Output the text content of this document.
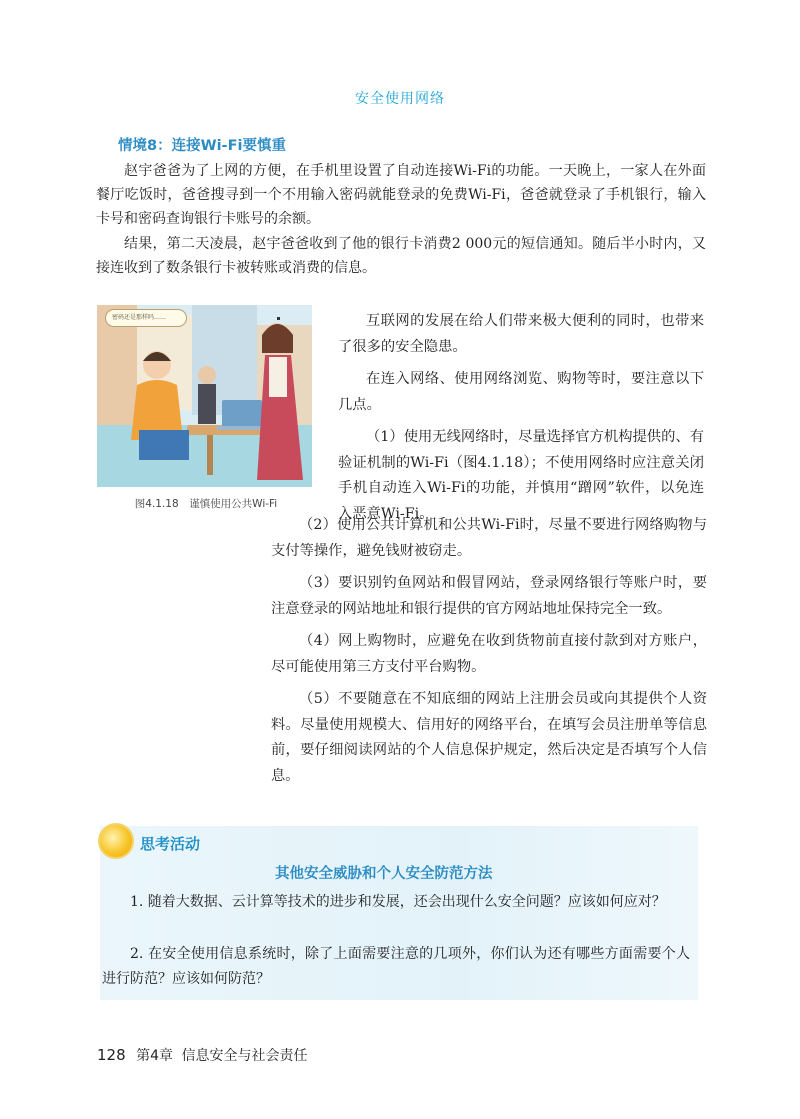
安全使用网络
情境8：连接Wi-Fi要慎重

赵宇爸爸为了上网的方便，在手机里设置了自动连接Wi-Fi的功能。一天晚上，一家人在外面餐厅吃饭时，爸爸搜寻到一个不用输入密码就能登录的免费Wi-Fi，爸爸就登录了手机银行，输入卡号和密码查询银行卡账号的余额。

结果，第二天凌晨，赵宇爸爸收到了他的银行卡消费2 000元的短信通知。随后半小时内，又接连收到了数条银行卡被转账或消费的信息。

密码还是那样吗……
图4.1.18　谨慎使用公共Wi-Fi

互联网的发展在给人们带来极大便利的同时，也带来了很多的安全隐患。

在连入网络、使用网络浏览、购物等时，要注意以下几点。

（1）使用无线网络时，尽量选择官方机构提供的、有验证机制的Wi-Fi（图4.1.18）；不使用网络时应注意关闭手机自动连入Wi-Fi的功能，并慎用“蹭网”软件，以免连入恶意Wi-Fi。

（2）使用公共计算机和公共Wi-Fi时，尽量不要进行网络购物与支付等操作，避免钱财被窃走。

（3）要识别钓鱼网站和假冒网站，登录网络银行等账户时，要注意登录的网站地址和银行提供的官方网站地址保持完全一致。

（4）网上购物时，应避免在收到货物前直接付款到对方账户，尽可能使用第三方支付平台购物。

（5）不要随意在不知底细的网站上注册会员或向其提供个人资料。尽量使用规模大、信用好的网络平台，在填写会员注册单等信息前，要仔细阅读网站的个人信息保护规定，然后决定是否填写个人信息。

思考活动
其他安全威胁和个人安全防范方法

1. 随着大数据、云计算等技术的进步和发展，还会出现什么安全问题？应该如何应对？

2. 在安全使用信息系统时，除了上面需要注意的几项外，你们认为还有哪些方面需要个人进行防范？应该如何防范？

128 第4章 信息安全与社会责任
